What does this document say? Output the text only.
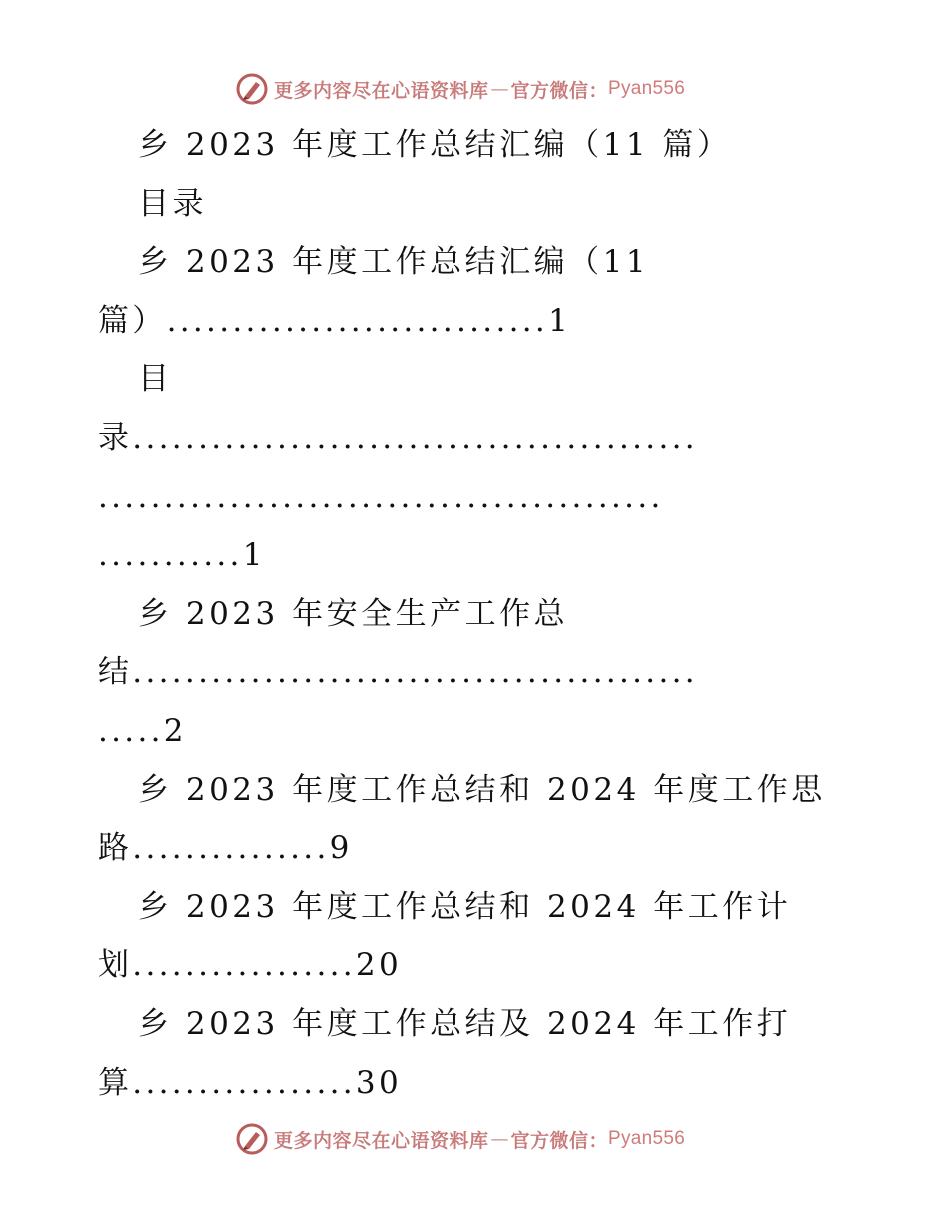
更多内容尽在心语资料库 — 官方微信： Pyan556
乡 2023 年度工作总结汇编（11 篇）
目录
乡 2023 年度工作总结汇编（11
篇）.............................1
目
录...........................................
...........................................
...........1
乡 2023 年安全生产工作总
结...........................................
.....2
乡 2023 年度工作总结和 2024 年度工作思
路...............9
乡 2023 年度工作总结和 2024 年工作计
划.................20
乡 2023 年度工作总结及 2024 年工作打
算.................30
更多内容尽在心语资料库 — 官方微信： Pyan556
